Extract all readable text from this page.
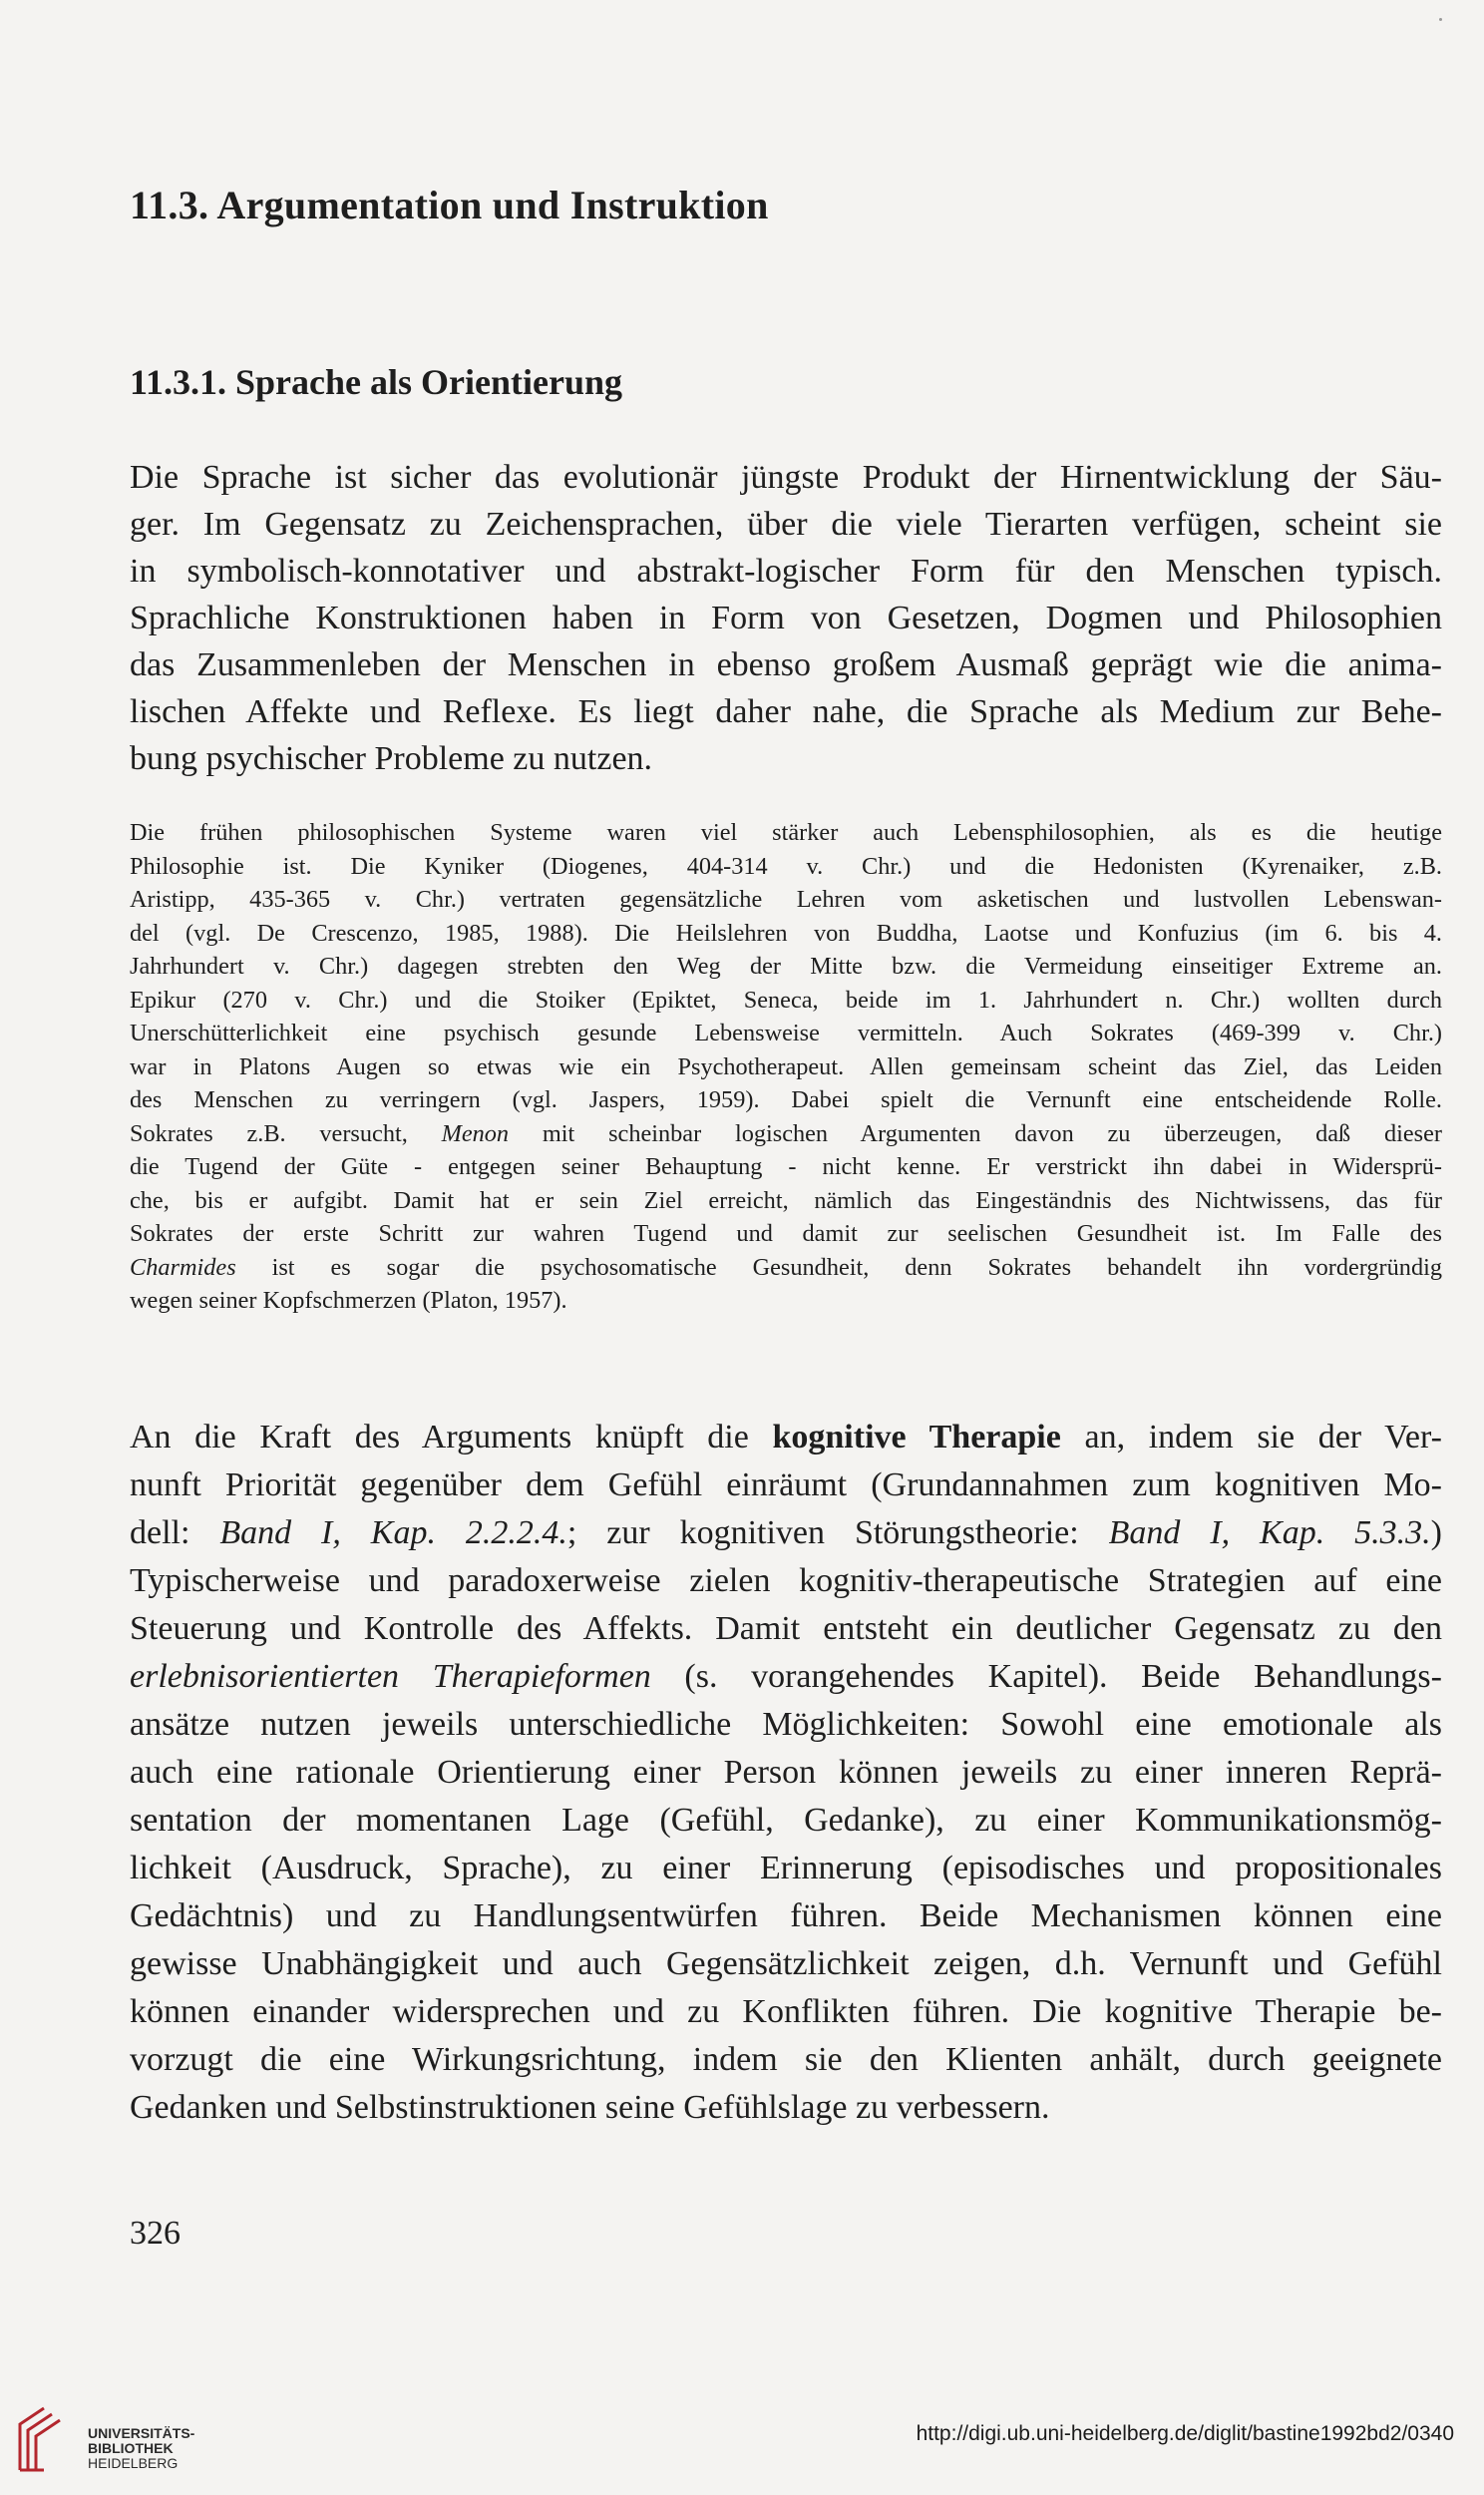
11.3. Argumentation und Instruktion
11.3.1. Sprache als Orientierung
Die Sprache ist sicher das evolutionär jüngste Produkt der Hirnentwicklung der Säu-
ger. Im Gegensatz zu Zeichensprachen, über die viele Tierarten verfügen, scheint sie
in symbolisch-konnotativer und abstrakt-logischer Form für den Menschen typisch.
Sprachliche Konstruktionen haben in Form von Gesetzen, Dogmen und Philosophien
das Zusammenleben der Menschen in ebenso großem Ausmaß geprägt wie die anima-
lischen Affekte und Reflexe. Es liegt daher nahe, die Sprache als Medium zur Behe-
bung psychischer Probleme zu nutzen.
Die frühen philosophischen Systeme waren viel stärker auch Lebensphilosophien, als es die heutige
Philosophie ist. Die Kyniker (Diogenes, 404-314 v. Chr.) und die Hedonisten (Kyrenaiker, z.B.
Aristipp, 435-365 v. Chr.) vertraten gegensätzliche Lehren vom asketischen und lustvollen Lebenswan-
del (vgl. De Crescenzo, 1985, 1988). Die Heilslehren von Buddha, Laotse und Konfuzius (im 6. bis 4.
Jahrhundert v. Chr.) dagegen strebten den Weg der Mitte bzw. die Vermeidung einseitiger Extreme an.
Epikur (270 v. Chr.) und die Stoiker (Epiktet, Seneca, beide im 1. Jahrhundert n. Chr.) wollten durch
Unerschütterlichkeit eine psychisch gesunde Lebensweise vermitteln. Auch Sokrates (469-399 v. Chr.)
war in Platons Augen so etwas wie ein Psychotherapeut. Allen gemeinsam scheint das Ziel, das Leiden
des Menschen zu verringern (vgl. Jaspers, 1959). Dabei spielt die Vernunft eine entscheidende Rolle.
Sokrates z.B. versucht, Menon mit scheinbar logischen Argumenten davon zu überzeugen, daß dieser
die Tugend der Güte - entgegen seiner Behauptung - nicht kenne. Er verstrickt ihn dabei in Widersprü-
che, bis er aufgibt. Damit hat er sein Ziel erreicht, nämlich das Eingeständnis des Nichtwissens, das für
Sokrates der erste Schritt zur wahren Tugend und damit zur seelischen Gesundheit ist. Im Falle des
Charmides ist es sogar die psychosomatische Gesundheit, denn Sokrates behandelt ihn vordergründig
wegen seiner Kopfschmerzen (Platon, 1957).
An die Kraft des Arguments knüpft die kognitive Therapie an, indem sie der Ver-
nunft Priorität gegenüber dem Gefühl einräumt (Grundannahmen zum kognitiven Mo-
dell: Band I, Kap. 2.2.2.4.; zur kognitiven Störungstheorie: Band I, Kap. 5.3.3.)
Typischerweise und paradoxerweise zielen kognitiv-therapeutische Strategien auf eine
Steuerung und Kontrolle des Affekts. Damit entsteht ein deutlicher Gegensatz zu den
erlebnisorientierten Therapieformen (s. vorangehendes Kapitel). Beide Behandlungs-
ansätze nutzen jeweils unterschiedliche Möglichkeiten: Sowohl eine emotionale als
auch eine rationale Orientierung einer Person können jeweils zu einer inneren Reprä-
sentation der momentanen Lage (Gefühl, Gedanke), zu einer Kommunikationsmög-
lichkeit (Ausdruck, Sprache), zu einer Erinnerung (episodisches und propositionales
Gedächtnis) und zu Handlungsentwürfen führen. Beide Mechanismen können eine
gewisse Unabhängigkeit und auch Gegensätzlichkeit zeigen, d.h. Vernunft und Gefühl
können einander widersprechen und zu Konflikten führen. Die kognitive Therapie be-
vorzugt die eine Wirkungsrichtung, indem sie den Klienten anhält, durch geeignete
Gedanken und Selbstinstruktionen seine Gefühlslage zu verbessern.
326
UNIVERSITÄTS-
BIBLIOTHEK
HEIDELBERG
http://digi.ub.uni-heidelberg.de/diglit/bastine1992bd2/0340
